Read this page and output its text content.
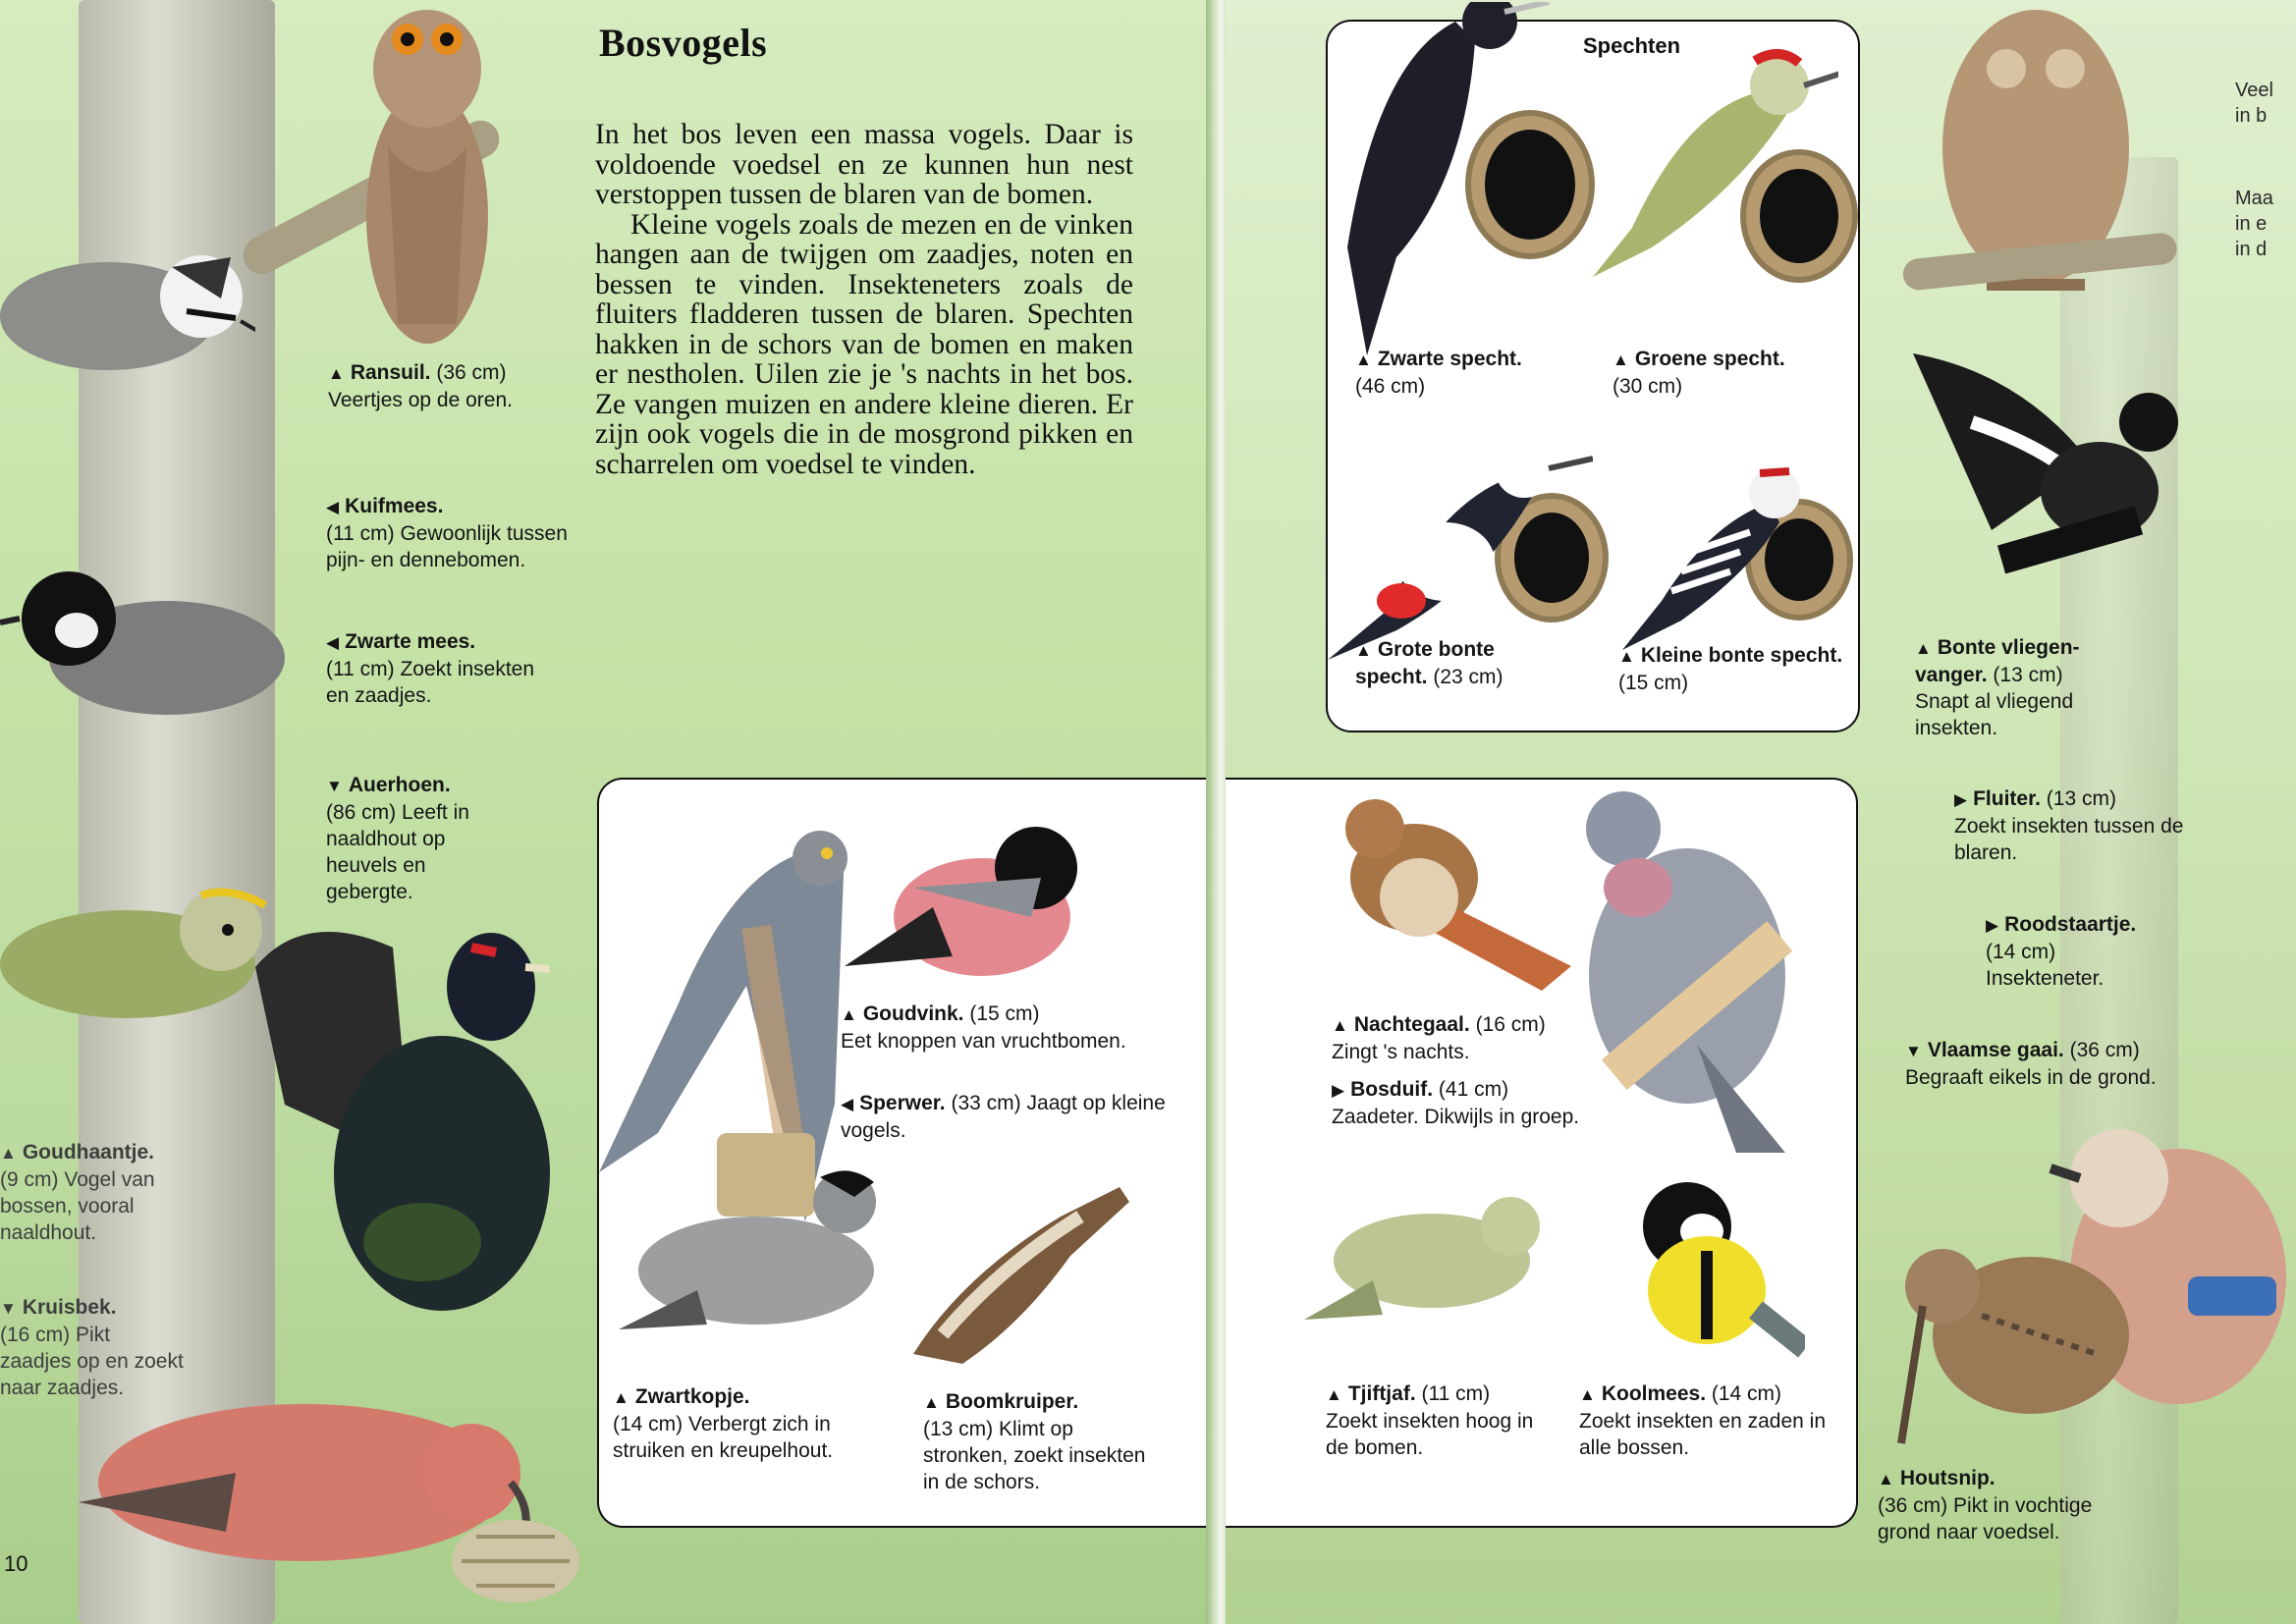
▲ Ransuil. (36 cm)
Veertjes op de oren.
◀ Kuifmees.
(11 cm) Gewoonlijk tussen pijn- en dennebomen.
◀ Zwarte mees.
(11 cm) Zoekt insekten en zaadjes.
▼ Auerhoen.
(86 cm) Leeft in naaldhout op heuvels en gebergte.
▲ Goudhaantje.
(9 cm) Vogel van bossen, vooral naaldhout.
▼ Kruisbek.
(16 cm) Pikt zaadjes op en zoekt naar zaadjes.
10
Bosvogels

In het bos leven een massa vogels. Daar is voldoende voedsel en ze kunnen hun nest verstoppen tussen de blaren van de bomen.

Kleine vogels zoals de mezen en de vinken hangen aan de twijgen om zaadjes, noten en bessen te vinden. Insekteneters zoals de fluiters fladderen tussen de blaren. Spechten hakken in de schors van de bomen en maken er nestholen. Uilen zie je 's nachts in het bos. Ze vangen muizen en andere kleine dieren. Er zijn ook vogels die in de mosgrond pikken en scharrelen om voedsel te vinden.

▲ Goudvink. (15 cm)
Eet knoppen van vruchtbomen.
◀ Sperwer. (33 cm) Jaagt op kleine vogels.
▲ Zwartkopje.
(14 cm) Verbergt zich in struiken en kreupelhout.
▲ Boomkruiper.
(13 cm) Klimt op stronken, zoekt insekten in de schors.
▲ Nachtegaal. (16 cm)
Zingt 's nachts.
▶ Bosduif. (41 cm)
Zaadeter. Dikwijls in groep.
▲ Tjiftjaf. (11 cm)
Zoekt insekten hoog in de bomen.
▲ Koolmees. (14 cm)
Zoekt insekten en zaden in alle bossen.
Spechten
▲ Zwarte specht.
(46 cm)
▲ Groene specht.
(30 cm)
▲ Grote bonte specht. (23 cm)
▲ Kleine bonte specht. (15 cm)
▲ Bonte vliegen-vanger. (13 cm)
Snapt al vliegend insekten.
▶ Fluiter. (13 cm)
Zoekt insekten tussen de blaren.
▶ Roodstaartje.
(14 cm)
Insekteneter.
▼ Vlaamse gaai. (36 cm)
Begraaft eikels in de grond.
▲ Houtsnip.
(36 cm) Pikt in vochtige grond naar voedsel.
Veel
in b
Maa
in e
in d
